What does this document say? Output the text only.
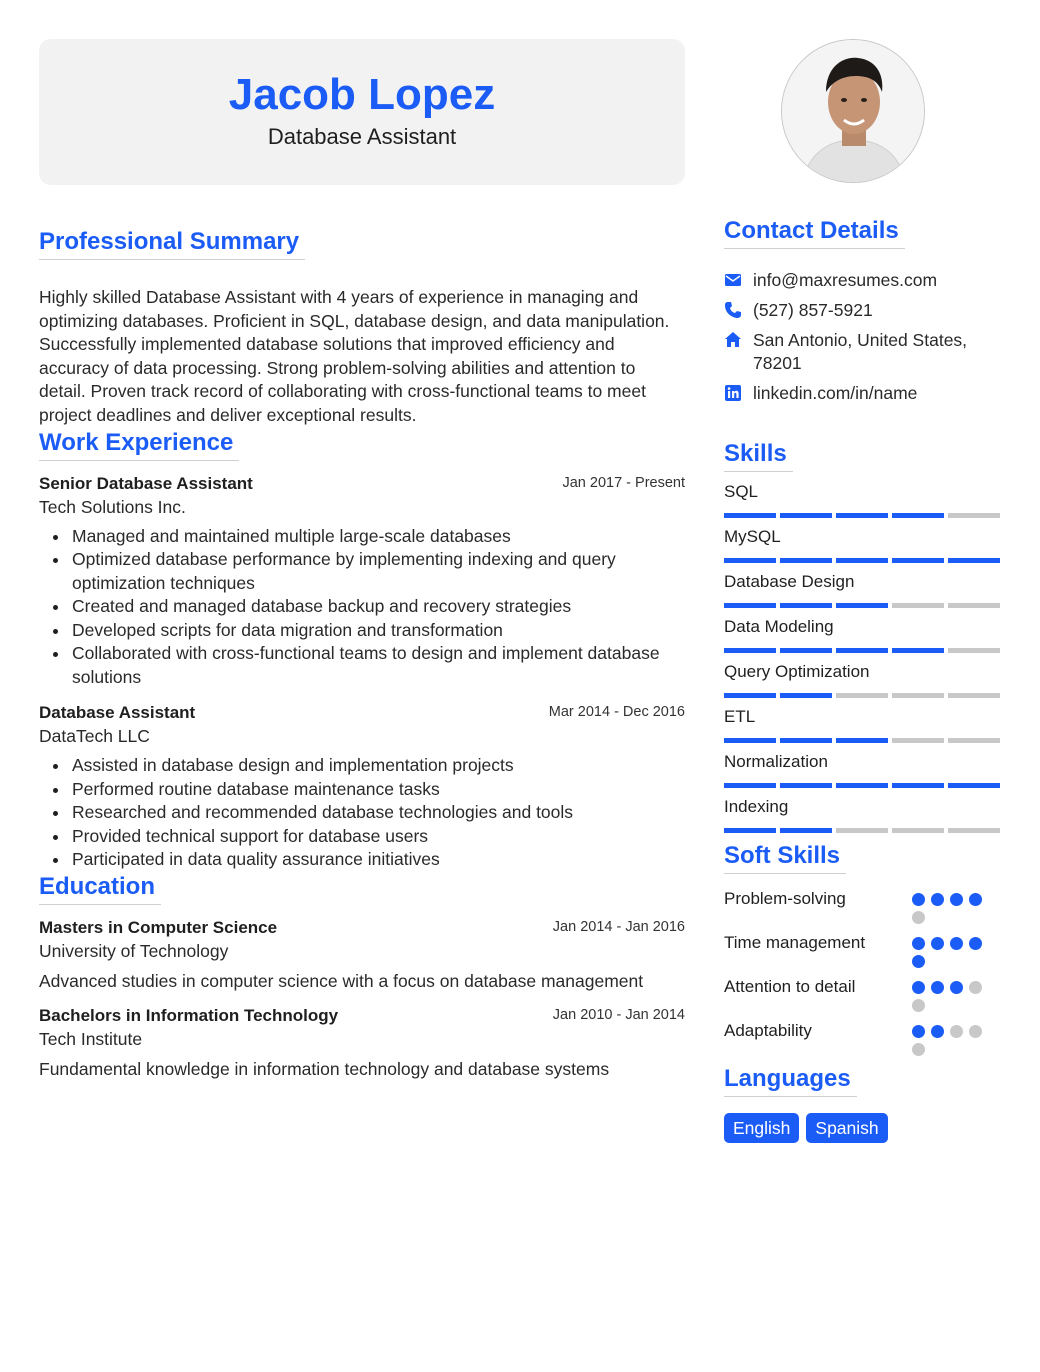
Jacob Lopez
Database Assistant
Professional Summary

Highly skilled Database Assistant with 4 years of experience in managing and optimizing databases. Proficient in SQL, database design, and data manipulation. Successfully implemented database solutions that improved efficiency and accuracy of data processing. Strong problem-solving abilities and attention to detail. Proven track record of collaborating with cross-functional teams to meet project deadlines and deliver exceptional results.

Work Experience
Senior Database Assistant	Jan 2017 - Present
Tech Solutions Inc.
Managed and maintained multiple large-scale databases
Optimized database performance by implementing indexing and query optimization techniques
Created and managed database backup and recovery strategies
Developed scripts for data migration and transformation
Collaborated with cross-functional teams to design and implement database solutions
Database Assistant	Mar 2014 - Dec 2016
DataTech LLC
Assisted in database design and implementation projects
Performed routine database maintenance tasks
Researched and recommended database technologies and tools
Provided technical support for database users
Participated in data quality assurance initiatives
Education
Masters in Computer Science	Jan 2014 - Jan 2016
University of Technology
Advanced studies in computer science with a focus on database management
Bachelors in Information Technology	Jan 2010 - Jan 2014
Tech Institute
Fundamental knowledge in information technology and database systems
Contact Details
info@maxresumes.com
(527) 857-5921
San Antonio, United States, 78201
linkedin.com/in/name
Skills
SQL
MySQL
Database Design
Data Modeling
Query Optimization
ETL
Normalization
Indexing
Soft Skills
Problem-solving
Time management
Attention to detail
Adaptability
Languages
English	Spanish
